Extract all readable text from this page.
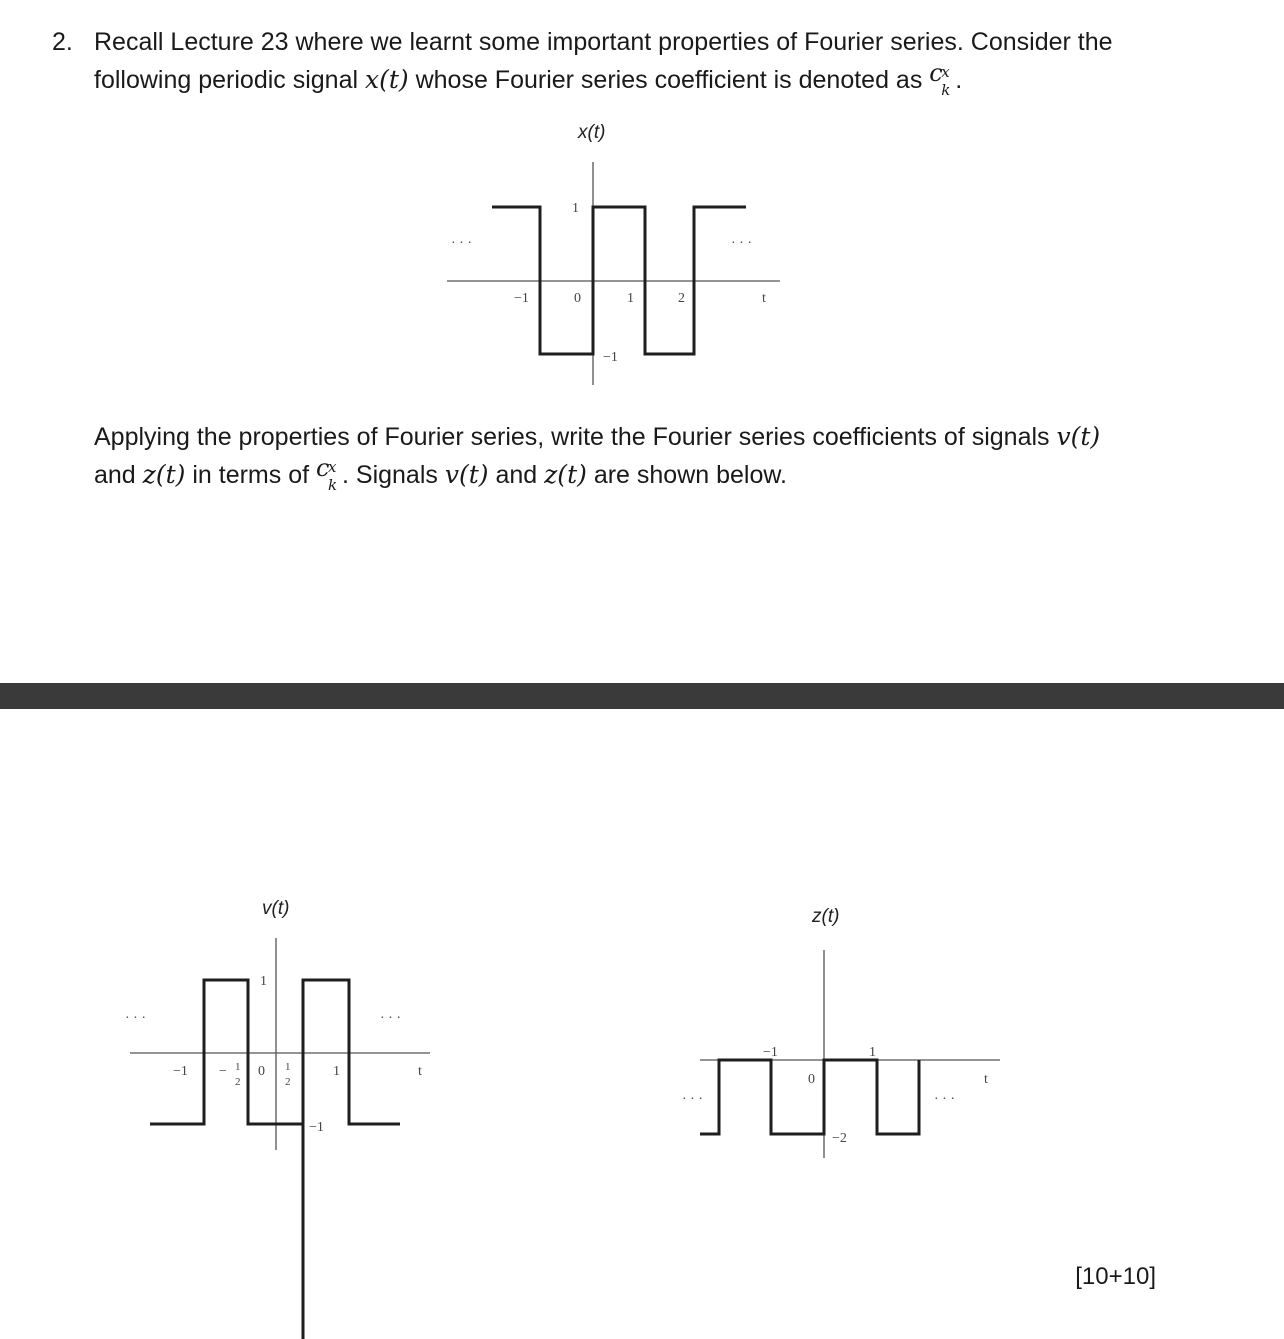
2. Recall Lecture 23 where we learnt some important properties of Fourier series. Consider the
following periodic signal x(t) whose Fourier series coefficient is denoted as c
x
k .
x(t)
· · ·	· · ·
1
−1	0	1	2	t
−1
Applying the properties of Fourier series, write the Fourier series coefficients of signals v(t)
and z(t) in terms of c
x
k . Signals v(t) and z(t) are shown below.
v(t)
· · ·	· · ·
1
−1 − 1
2
0 1
2
1	t
−1
z(t)
· · ·	· · ·
−1	1
0	t
−2
[10+10]
